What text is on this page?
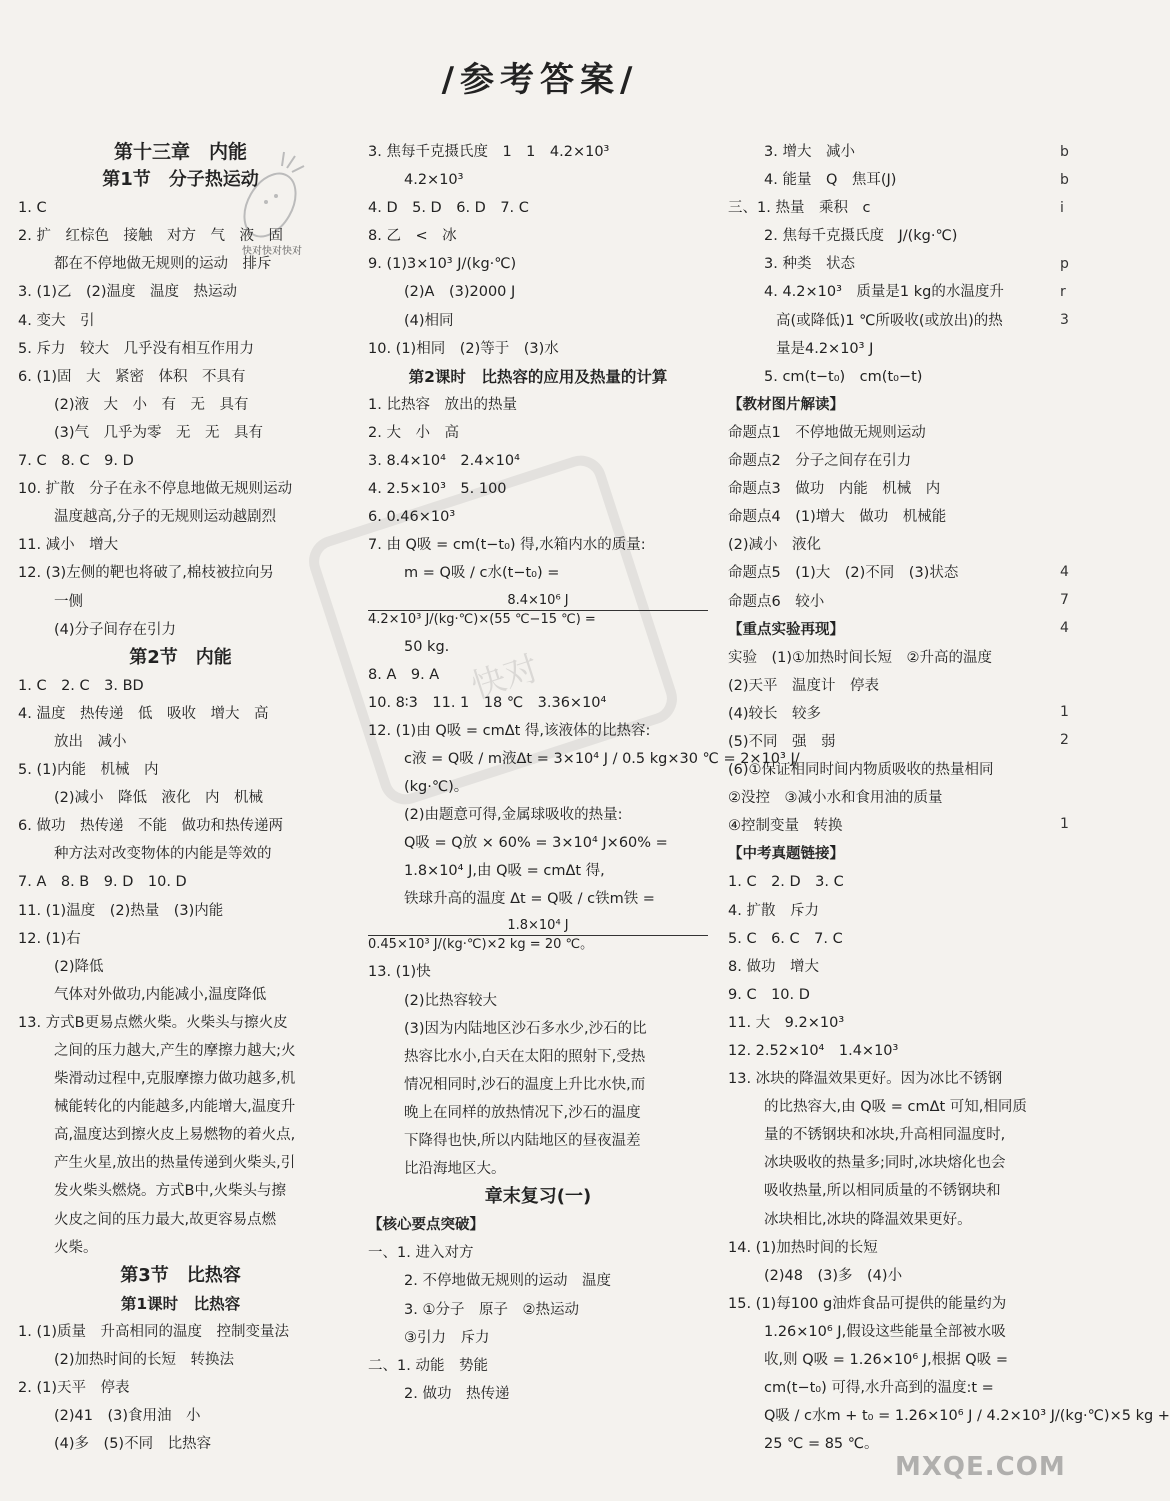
/参考答案/
快对
快对快对快对
第十三章　内能
第1节　分子热运动
1. C
2. 扩　红棕色　接触　对方　气　液　固
都在不停地做无规则的运动　排斥
3. (1)乙　(2)温度　温度　热运动
4. 变大　引
5. 斥力　较大　几乎没有相互作用力
6. (1)固　大　紧密　体积　不具有
(2)液　大　小　有　无　具有
(3)气　几乎为零　无　无　具有
7. C　8. C　9. D
10. 扩散　分子在永不停息地做无规则运动
温度越高,分子的无规则运动越剧烈
11. 减小　增大
12. (3)左侧的靶也将破了,棉枝被拉向另
一侧
(4)分子间存在引力
第2节　内能
1. C　2. C　3. BD
4. 温度　热传递　低　吸收　增大　高
放出　减小
5. (1)内能　机械　内
(2)减小　降低　液化　内　机械
6. 做功　热传递　不能　做功和热传递两
种方法对改变物体的内能是等效的
7. A　8. B　9. D　10. D
11. (1)温度　(2)热量　(3)内能
12. (1)右
(2)降低
气体对外做功,内能减小,温度降低
13. 方式B更易点燃火柴。火柴头与擦火皮
之间的压力越大,产生的摩擦力越大;火
柴滑动过程中,克服摩擦力做功越多,机
械能转化的内能越多,内能增大,温度升
高,温度达到擦火皮上易燃物的着火点,
产生火星,放出的热量传递到火柴头,引
发火柴头燃烧。方式B中,火柴头与擦
火皮之间的压力最大,故更容易点燃
火柴。
第3节　比热容
第1课时　比热容
1. (1)质量　升高相同的温度　控制变量法
(2)加热时间的长短　转换法
2. (1)天平　停表
(2)41　(3)食用油　小
(4)多　(5)不同　比热容
3. 焦每千克摄氏度　1　1　4.2×10³
4.2×10³
4. D　5. D　6. D　7. C
8. 乙　<　冰
9. (1)3×10³ J/(kg·℃)
(2)A　(3)2000 J
(4)相同
10. (1)相同　(2)等于　(3)水
第2课时　比热容的应用及热量的计算
1. 比热容　放出的热量
2. 大　小　高
3. 8.4×10⁴　2.4×10⁴
4. 2.5×10³　5. 100
6. 0.46×10³
7. 由 Q吸 = cm(t−t₀) 得,水箱内水的质量:
m = Q吸 / c水(t−t₀) =
8.4×10⁶ J
4.2×10³ J/(kg·℃)×(55 ℃−15 ℃) =
50 kg.
8. A　9. A
10. 8∶3　11. 1　18 ℃　3.36×10⁴
12. (1)由 Q吸 = cmΔt 得,该液体的比热容:
c液 = Q吸 / m液Δt = 3×10⁴ J / 0.5 kg×30 ℃ = 2×10³ J/
(kg·℃)。
(2)由题意可得,金属球吸收的热量:
Q吸 = Q放 × 60% = 3×10⁴ J×60% =
1.8×10⁴ J,由 Q吸 = cmΔt 得,
铁球升高的温度 Δt = Q吸 / c铁m铁 =
1.8×10⁴ J
0.45×10³ J/(kg·℃)×2 kg = 20 ℃。
13. (1)快
(2)比热容较大
(3)因为内陆地区沙石多水少,沙石的比
热容比水小,白天在太阳的照射下,受热
情况相同时,沙石的温度上升比水快,而
晚上在同样的放热情况下,沙石的温度
下降得也快,所以内陆地区的昼夜温差
比沿海地区大。
章末复习(一)
【核心要点突破】
一、1. 进入对方
2. 不停地做无规则的运动　温度
3. ①分子　原子　②热运动
③引力　斥力
二、1. 动能　势能
2. 做功　热传递
3. 增大　减小
4. 能量　Q　焦耳(J)
三、1. 热量　乘积　c
2. 焦每千克摄氏度　J/(kg·℃)
3. 种类　状态
4. 4.2×10³　质量是1 kg的水温度升
高(或降低)1 ℃所吸收(或放出)的热
量是4.2×10³ J
5. cm(t−t₀)　cm(t₀−t)
【教材图片解读】
命题点1　不停地做无规则运动
命题点2　分子之间存在引力
命题点3　做功　内能　机械　内
命题点4　(1)增大　做功　机械能
(2)减小　液化
命题点5　(1)大　(2)不同　(3)状态
命题点6　较小
【重点实验再现】
实验　(1)①加热时间长短　②升高的温度
(2)天平　温度计　停表
(4)较长　较多
(5)不同　强　弱
(6)①保证相同时间内物质吸收的热量相同
②没控　③减小水和食用油的质量
④控制变量　转换
【中考真题链接】
1. C　2. D　3. C
4. 扩散　斥力
5. C　6. C　7. C
8. 做功　增大
9. C　10. D
11. 大　9.2×10³
12. 2.52×10⁴　1.4×10³
13. 冰块的降温效果更好。因为冰比不锈钢
的比热容大,由 Q吸 = cmΔt 可知,相同质
量的不锈钢块和冰块,升高相同温度时,
冰块吸收的热量多;同时,冰块熔化也会
吸收热量,所以相同质量的不锈钢块和
冰块相比,冰块的降温效果更好。
14. (1)加热时间的长短
(2)48　(3)多　(4)小
15. (1)每100 g油炸食品可提供的能量约为
1.26×10⁶ J,假设这些能量全部被水吸
收,则 Q吸 = 1.26×10⁶ J,根据 Q吸 =
cm(t−t₀) 可得,水升高到的温度:t =
Q吸 / c水m + t₀ = 1.26×10⁶ J / 4.2×10³ J/(kg·℃)×5 kg +
25 ℃ = 85 ℃。
b
b
i
p
r
3
4
7
4
1
2
1
MXQE.COM
